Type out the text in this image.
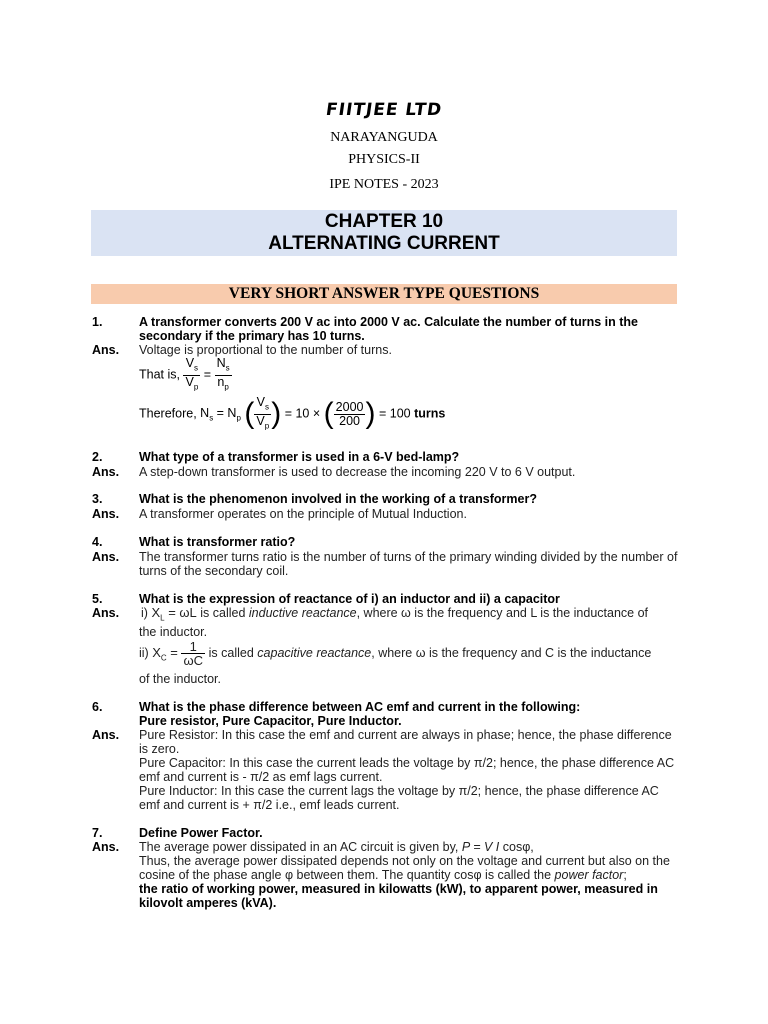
FIITJEE LTD
NARAYANGUDA
PHYSICS-II
IPE NOTES - 2023
CHAPTER 10
ALTERNATING CURRENT
VERY SHORT ANSWER TYPE QUESTIONS
1.	A transformer converts 200 V ac into 2000 V ac. Calculate the number of turns in the secondary if the primary has 10 turns.
Ans. Voltage is proportional to the number of turns.
That is, $\frac{V_s}{V_p} = \frac{N_s}{n_p}$
Therefore, $N_s = N_p$ ( $\frac{V_s}{V_p}$ ) = 10 × ( $\frac{2000}{200}$ ) = 100 turns
2.	What type of a transformer is used in a 6-V bed-lamp?
Ans. A step-down transformer is used to decrease the incoming 220 V to 6 V output.
3.	What is the phenomenon involved in the working of a transformer?
Ans. A transformer operates on the principle of Mutual Induction.
4.	What is transformer ratio?
Ans. The transformer turns ratio is the number of turns of the primary winding divided by the number of turns of the secondary coil.
5.	What is the expression of reactance of i) an inductor and ii) a capacitor
Ans. i) $X_L = \omega L$ is called inductive reactance, where ω is the frequency and L is the inductance of
the inductor.
ii) $X_C = \frac{1}{\omega C}$ is called capacitive reactance, where ω is the frequency and C is the inductance
of the inductor.
6.	What is the phase difference between AC emf and current in the following:
Pure resistor, Pure Capacitor, Pure Inductor.
Ans. Pure Resistor: In this case the emf and current are always in phase; hence, the phase difference is zero.
Pure Capacitor: In this case the current leads the voltage by π/2; hence, the phase difference AC emf and current is - π/2 as emf lags current.
Pure Inductor: In this case the current lags the voltage by π/2; hence, the phase difference AC emf and current is + π/2 i.e., emf leads current.
7.	Define Power Factor.
Ans. The average power dissipated in an AC circuit is given by, P = V I cosφ,
Thus, the average power dissipated depends not only on the voltage and current but also on the cosine of the phase angle φ between them. The quantity cosφ is called the power factor;
the ratio of working power, measured in kilowatts (kW), to apparent power, measured in kilovolt amperes (kVA).
